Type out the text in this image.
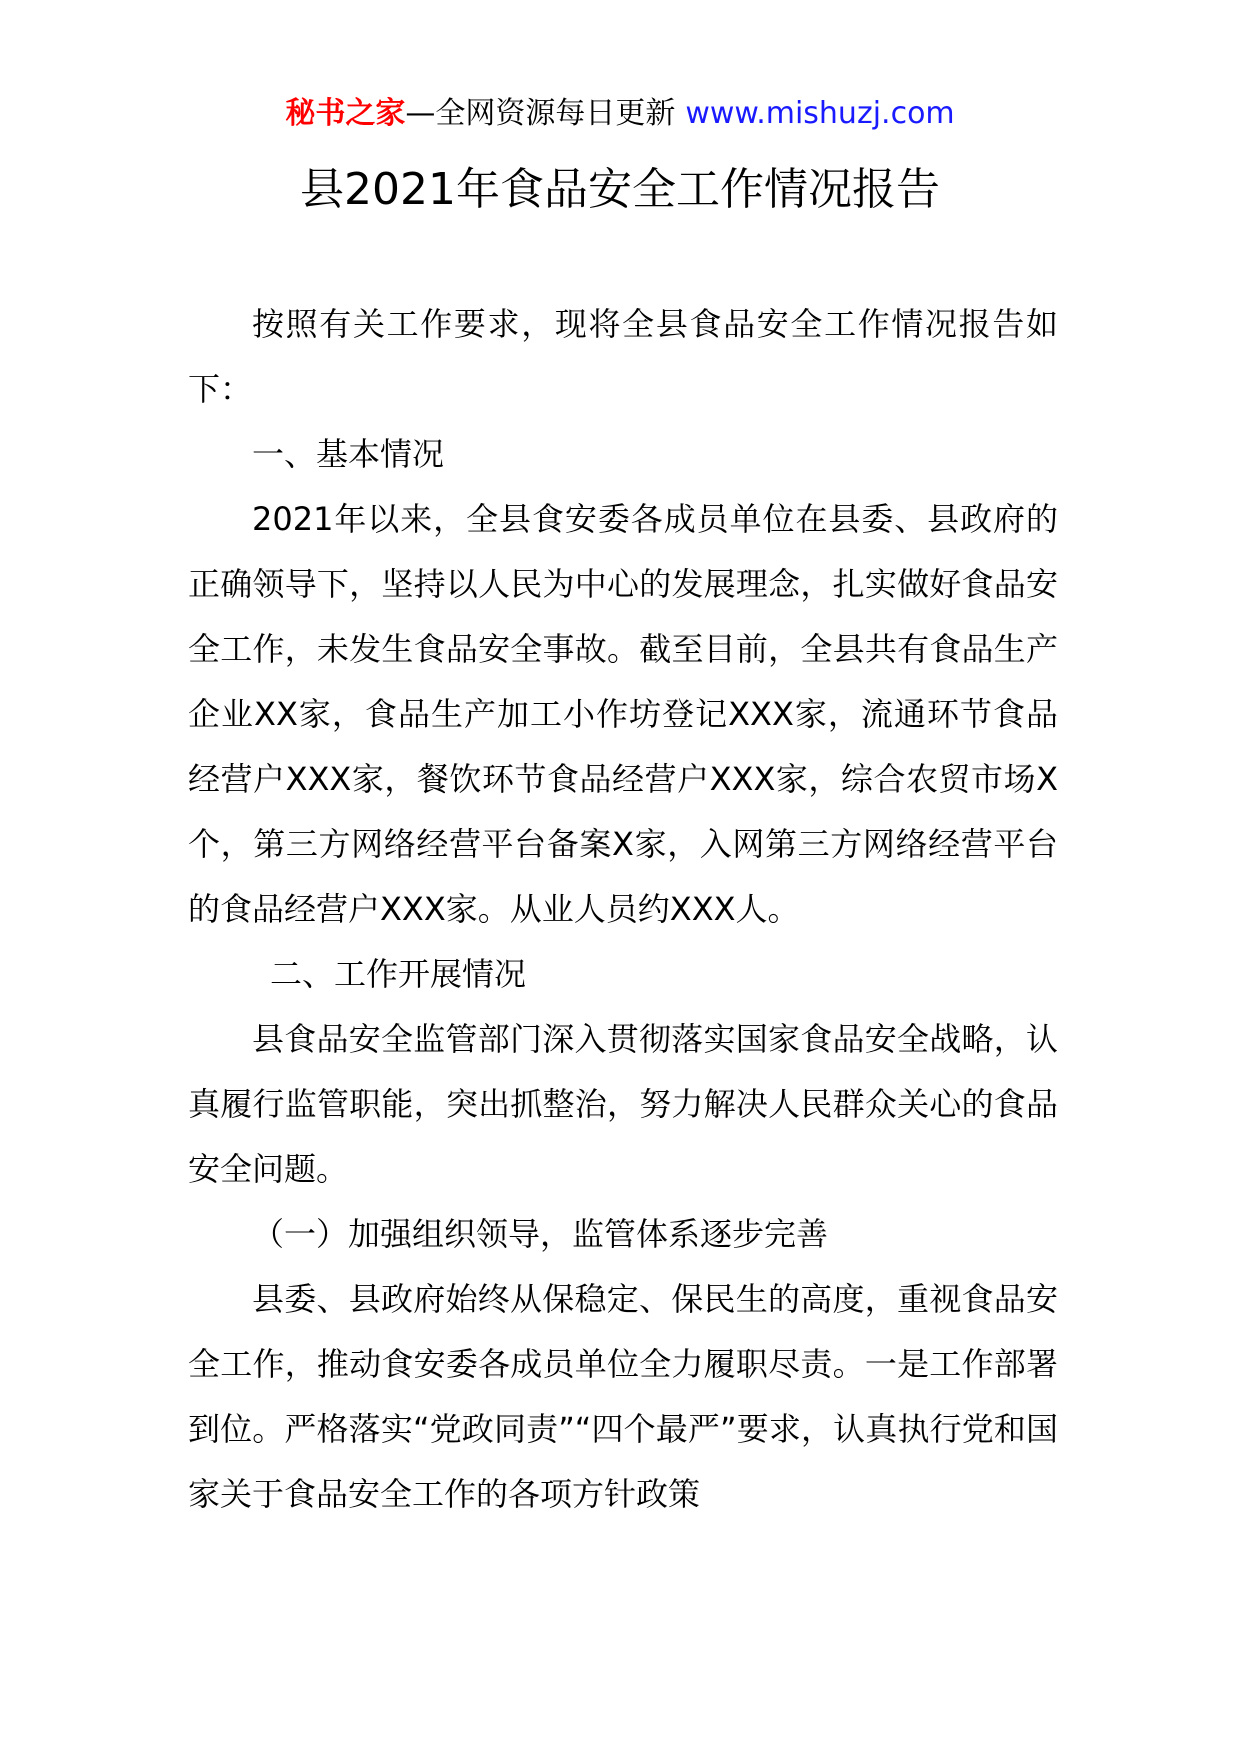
秘书之家—全网资源每日更新 www.mishuzj.com
县2021年食品安全工作情况报告

按照有关工作要求，现将全县食品安全工作情况报告如下：

一、基本情况

2021年以来，全县食安委各成员单位在县委、县政府的正确领导下，坚持以人民为中心的发展理念，扎实做好食品安全工作，未发生食品安全事故。截至目前，全县共有食品生产企业XX家，食品生产加工小作坊登记XXX家，流通环节食品经营户XXX家，餐饮环节食品经营户XXX家，综合农贸市场X个，第三方网络经营平台备案X家，入网第三方网络经营平台的食品经营户XXX家。从业人员约XXX人。

二、工作开展情况

县食品安全监管部门深入贯彻落实国家食品安全战略，认真履行监管职能，突出抓整治，努力解决人民群众关心的食品安全问题。

（一）加强组织领导，监管体系逐步完善

县委、县政府始终从保稳定、保民生的高度，重视食品安全工作，推动食安委各成员单位全力履职尽责。一是工作部署到位。严格落实“党政同责”“四个最严”要求，认真执行党和国家关于食品安全工作的各项方针政策
